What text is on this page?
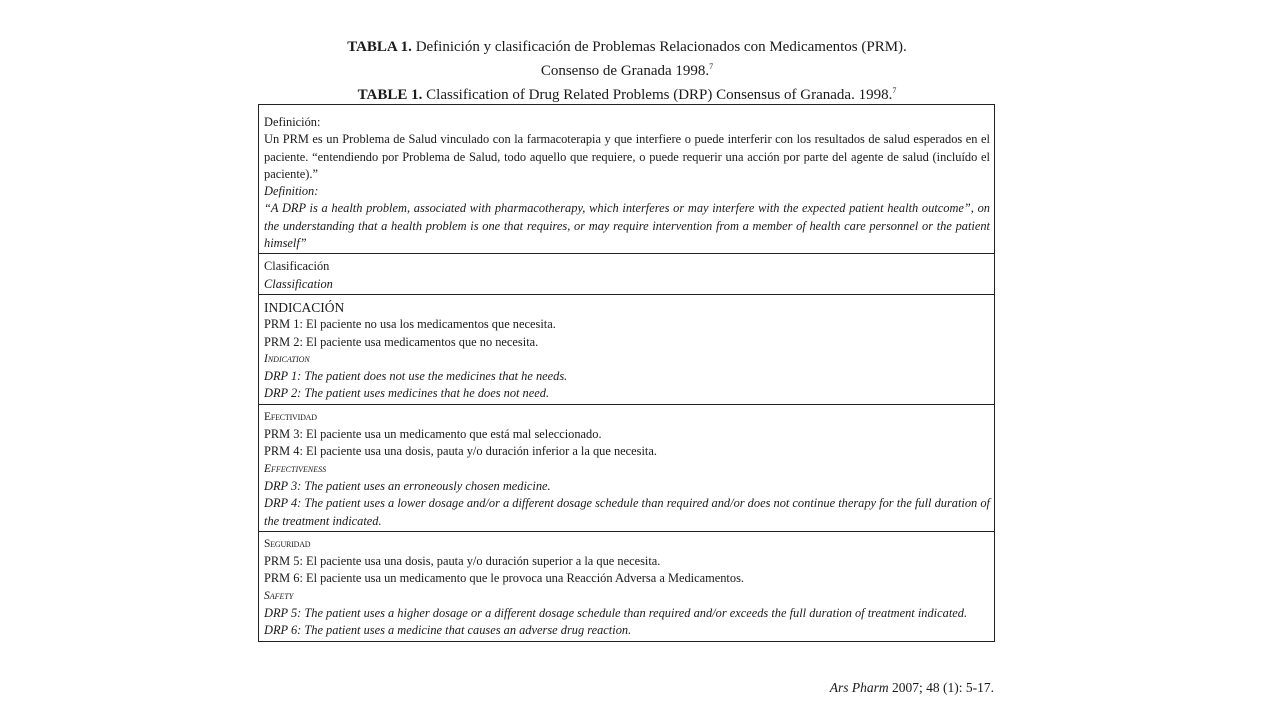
TABLA 1. Definición y clasificación de Problemas Relacionados con Medicamentos (PRM).
Consenso de Granada 1998.$^7$
TABLE 1. Classification of Drug Related Problems (DRP) Consensus of Granada. 1998.$^7$
Definición:
Un PRM es un Problema de Salud vinculado con la farmacoterapia y que interfiere o puede interferir con los resultados de salud esperados en el paciente. “entendiendo por Problema de Salud, todo aquello que requiere, o puede requerir una acción por parte del agente de salud (incluído el paciente).”
Definition:
“A DRP is a health problem, associated with pharmacotherapy, which interferes or may interfere with the expected patient health outcome”, on the understanding that a health problem is one that requires, or may require intervention from a member of health care personnel or the patient himself”
Clasificación
Classification
INDICACIÓN
PRM 1: El paciente no usa los medicamentos que necesita.
PRM 2: El paciente usa medicamentos que no necesita.
Indication
DRP 1: The patient does not use the medicines that he needs.
DRP 2: The patient uses medicines that he does not need.
Efectividad
PRM 3: El paciente usa un medicamento que está mal seleccionado.
PRM 4: El paciente usa una dosis, pauta y/o duración inferior a la que necesita.
Effectiveness
DRP 3: The patient uses an erroneously chosen medicine.
DRP 4: The patient uses a lower dosage and/or a different dosage schedule than required and/or does not continue therapy for the full duration of the treatment indicated.
Seguridad
PRM 5: El paciente usa una dosis, pauta y/o duración superior a la que necesita.
PRM 6: El paciente usa un medicamento que le provoca una Reacción Adversa a Medicamentos.
Safety
DRP 5: The patient uses a higher dosage or a different dosage schedule than required and/or exceeds the full duration of treatment indicated.
DRP 6: The patient uses a medicine that causes an adverse drug reaction.
Ars Pharm 2007; 48 (1): 5-17.
